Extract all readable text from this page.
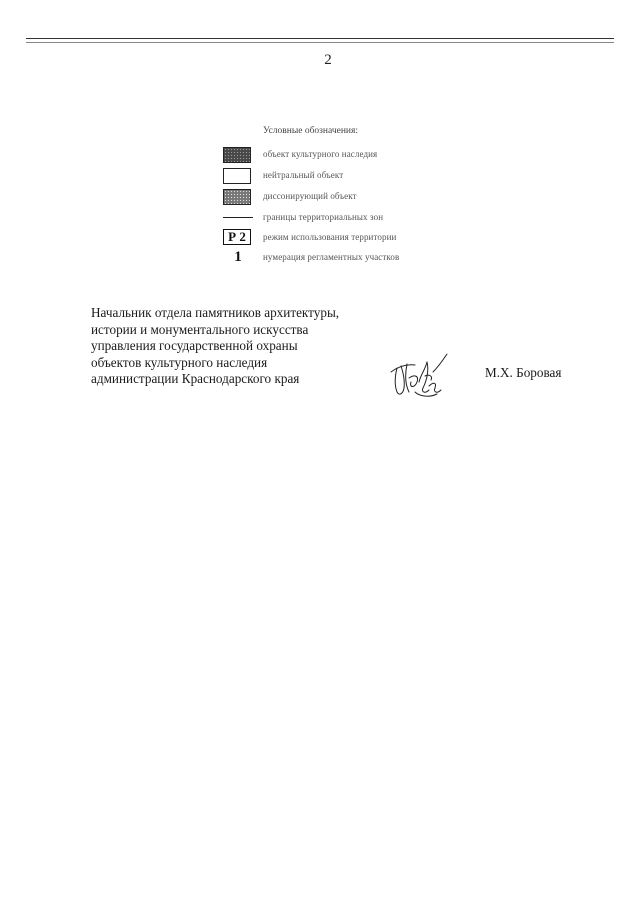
2
Условные обозначения:
объект культурного наследия
нейтральный объект
диссонирующий объект
границы территориальных зон
Р 2	режим использования территории
1	нумерация регламентных участков
Начальник отдела памятников архитектуры,
истории и монументального искусства
управления государственной охраны
объектов культурного наследия
администрации Краснодарского края	М.Х. Боровая
